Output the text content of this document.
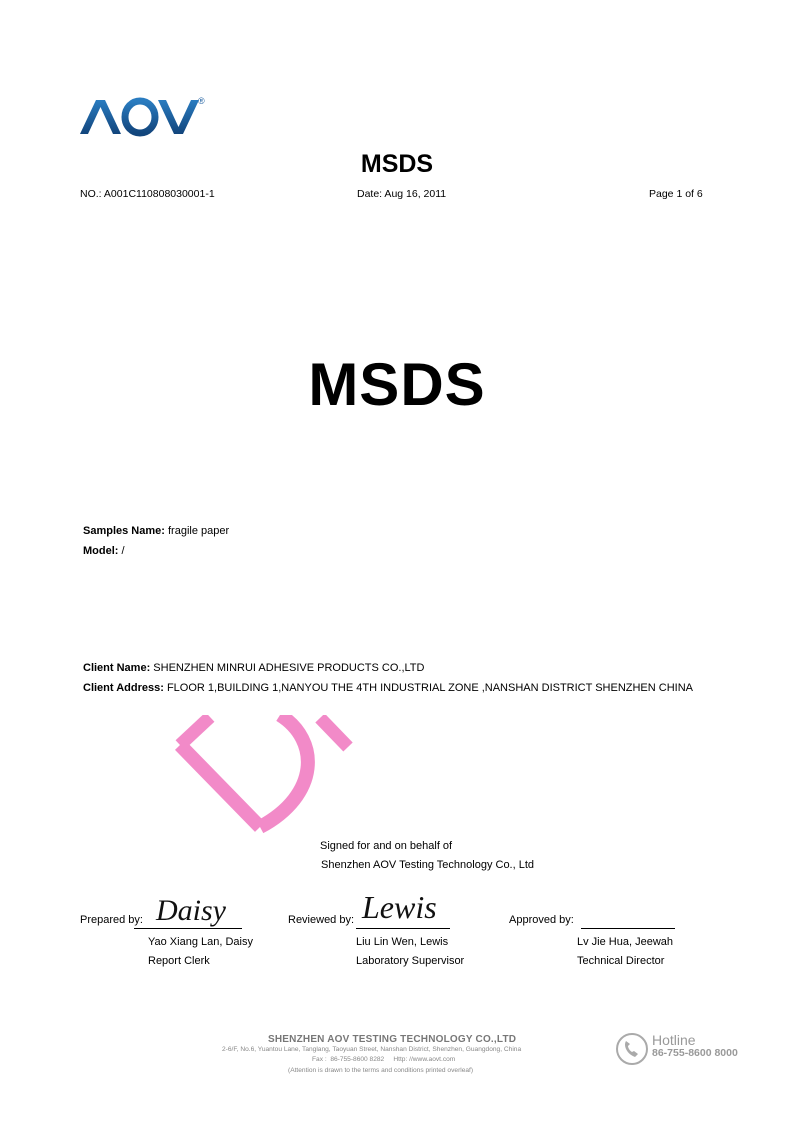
®
MSDS
NO.: A001C110808030001-1	Date: Aug 16, 2011	Page 1 of 6
MSDS
Samples Name: fragile paper
Model: /
Client Name: SHENZHEN MINRUI ADHESIVE PRODUCTS CO.,LTD
Client Address: FLOOR 1,BUILDING 1,NANYOU THE 4TH INDUSTRIAL ZONE ,NANSHAN DISTRICT SHENZHEN CHINA
Signed for and on behalf of
Shenzhen AOV Testing Technology Co., Ltd
Prepared by: Daisy
Yao Xiang Lan, Daisy
Report Clerk
Reviewed by: Lewis
Liu Lin Wen, Lewis
Laboratory Supervisor
Approved by:
Lv Jie Hua, Jeewah
Technical Director
SHENZHEN AOV TESTING TECHNOLOGY CO.,LTD
2-6/F, No.6, Yuantou Lane, Tanglang, Taoyuan Street, Nanshan District, Shenzhen, Guangdong, China
Fax :  86-755-8600 8282     Http: //www.aovt.com
(Attention is drawn to the terms and conditions printed overleaf)
Hotline
86-755-8600 8000
